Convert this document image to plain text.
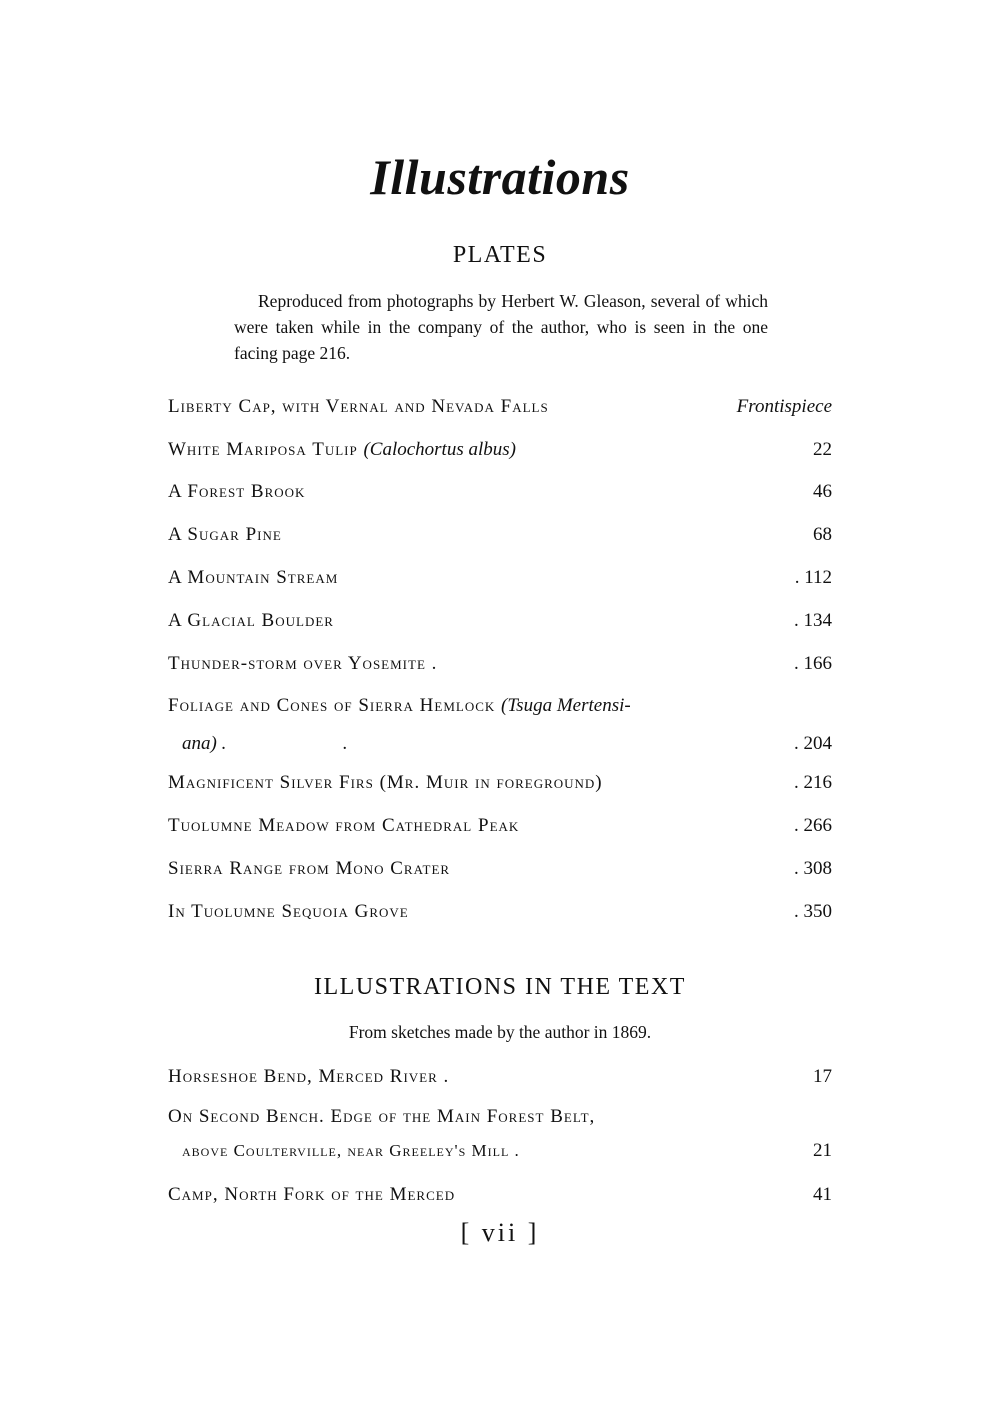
Illustrations
PLATES
Reproduced from photographs by Herbert W. Gleason, several of which were taken while in the company of the author, who is seen in the one facing page 216.
Liberty Cap, with Vernal and Nevada Falls	Frontispiece
White Mariposa Tulip (Calochortus albus)	22
A Forest Brook	46
A Sugar Pine	68
A Mountain Stream	. 112
A Glacial Boulder	. 134
Thunder-storm over Yosemite .	. 166
Foliage and Cones of Sierra Hemlock (Tsuga Mertensi-
ana) .	.	. 204
Magnificent Silver Firs (Mr. Muir in foreground)	. 216
Tuolumne Meadow from Cathedral Peak	. 266
Sierra Range from Mono Crater	. 308
In Tuolumne Sequoia Grove	. 350
ILLUSTRATIONS IN THE TEXT
From sketches made by the author in 1869.
Horseshoe Bend, Merced River .	17
On Second Bench. Edge of the Main Forest Belt,
above Coulterville, near Greeley's Mill .	21
Camp, North Fork of the Merced	41
[ vii ]
